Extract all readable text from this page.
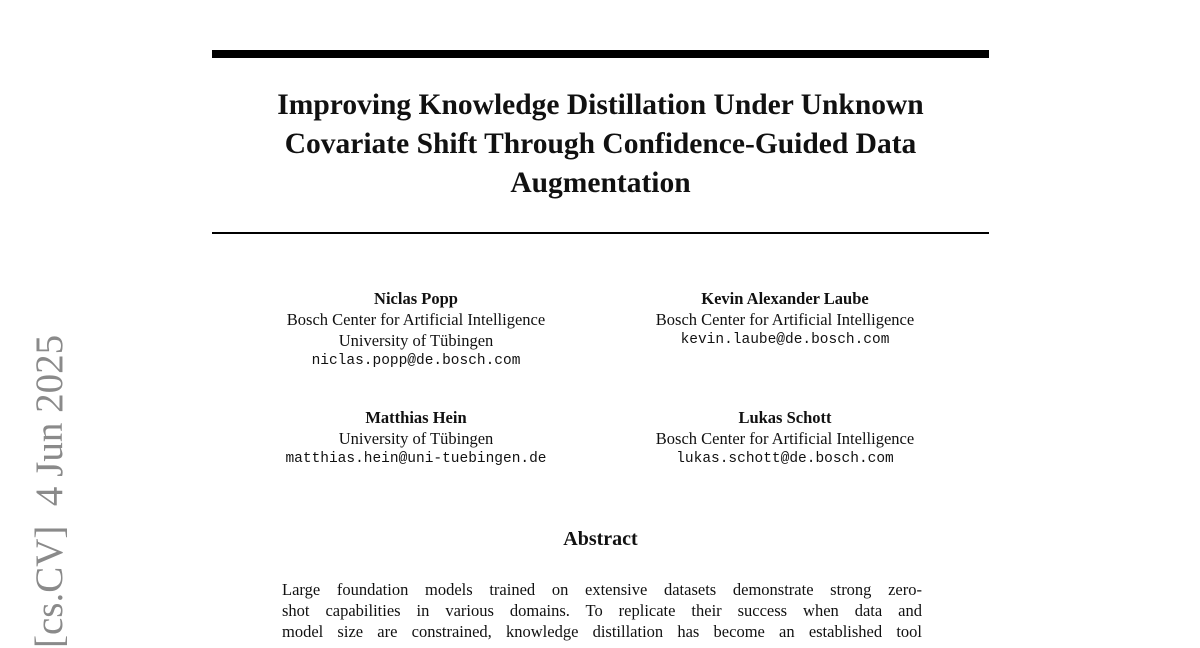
Improving Knowledge Distillation Under Unknown Covariate Shift Through Confidence-Guided Data Augmentation
Niclas Popp
Bosch Center for Artificial Intelligence
University of Tübingen
niclas.popp@de.bosch.com
Kevin Alexander Laube
Bosch Center for Artificial Intelligence
kevin.laube@de.bosch.com
Matthias Hein
University of Tübingen
matthias.hein@uni-tuebingen.de
Lukas Schott
Bosch Center for Artificial Intelligence
lukas.schott@de.bosch.com
Abstract

Large foundation models trained on extensive datasets demonstrate strong zero-
shot capabilities in various domains. To replicate their success when data and
model size are constrained, knowledge distillation has become an established tool

[cs.CV]  4 Jun 2025
